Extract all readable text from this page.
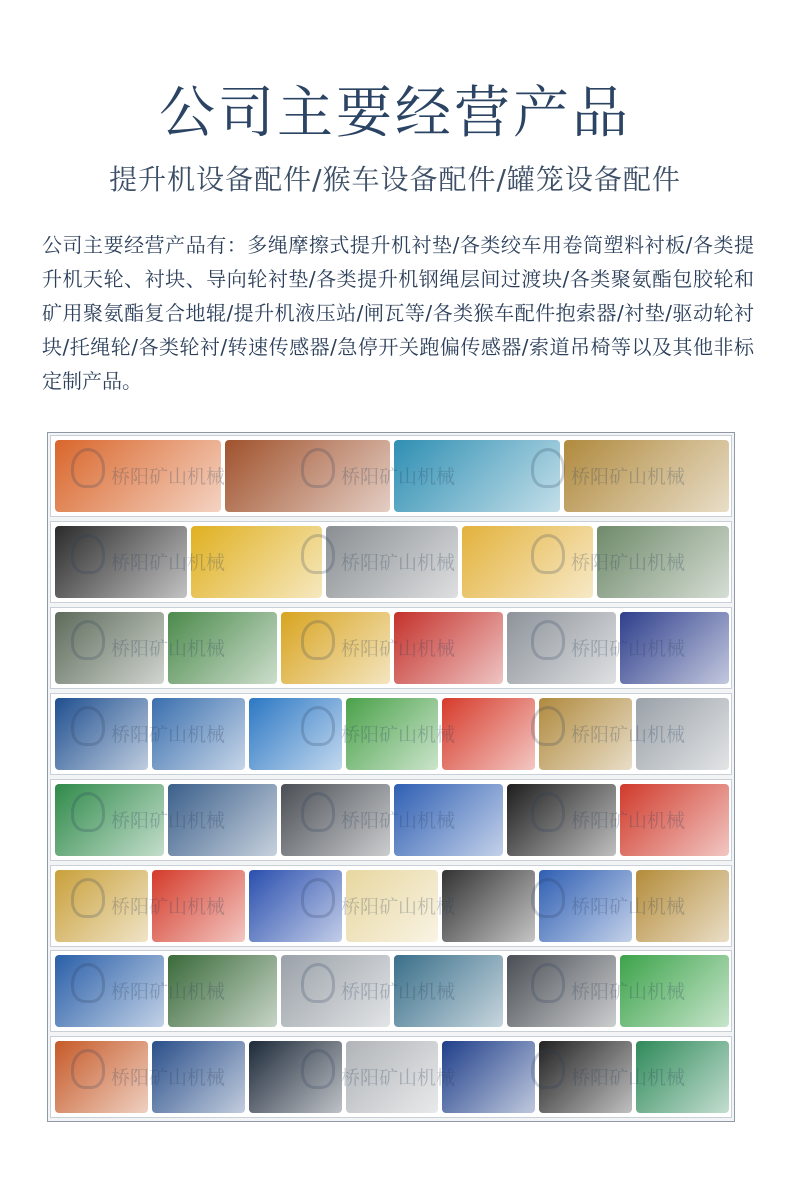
公司主要经营产品
提升机设备配件/猴车设备配件/罐笼设备配件

公司主要经营产品有：多绳摩擦式提升机衬垫/各类绞车用卷筒塑料衬板/各类提升机天轮、衬块、导向轮衬垫/各类提升机钢绳层间过渡块/各类聚氨酯包胶轮和矿用聚氨酯复合地辊/提升机液压站/闸瓦等/各类猴车配件抱索器/衬垫/驱动轮衬块/托绳轮/各类轮衬/转速传感器/急停开关跑偏传感器/索道吊椅等以及其他非标定制产品。

桥阳矿山机械	桥阳矿山机械	桥阳矿山机械
桥阳矿山机械	桥阳矿山机械	桥阳矿山机械
桥阳矿山机械	桥阳矿山机械	桥阳矿山机械
桥阳矿山机械	桥阳矿山机械	桥阳矿山机械
桥阳矿山机械	桥阳矿山机械	桥阳矿山机械
桥阳矿山机械	桥阳矿山机械	桥阳矿山机械
桥阳矿山机械	桥阳矿山机械	桥阳矿山机械
桥阳矿山机械	桥阳矿山机械	桥阳矿山机械
